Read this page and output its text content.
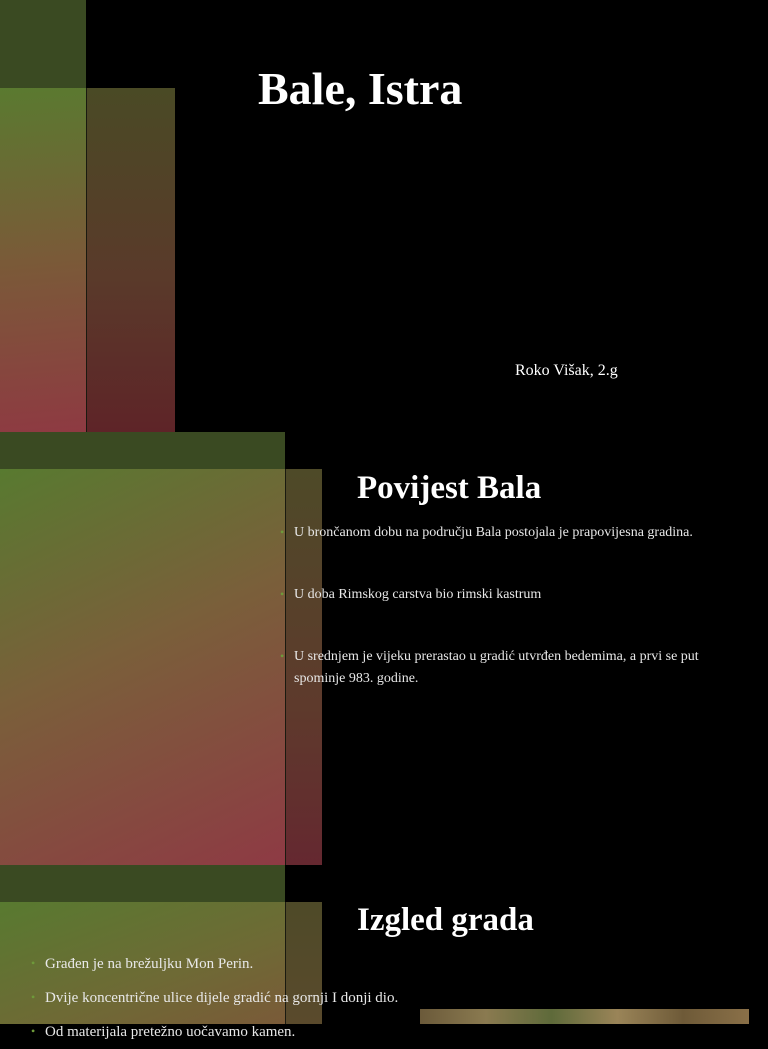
Bale, Istra
Roko Višak, 2.g
Povijest Bala
• U brončanom dobu na području Bala postojala je prapovijesna gradina.
• U doba Rimskog carstva bio rimski kastrum
• U srednjem je vijeku prerastao u gradić utvrđen bedemima, a prvi se put spominje 983. godine.
Izgled grada
• Građen je na brežuljku Mon Perin.
• Dvije koncentrične ulice dijele gradić na gornji I donji dio.
• Od materijala pretežno uočavamo kamen.
